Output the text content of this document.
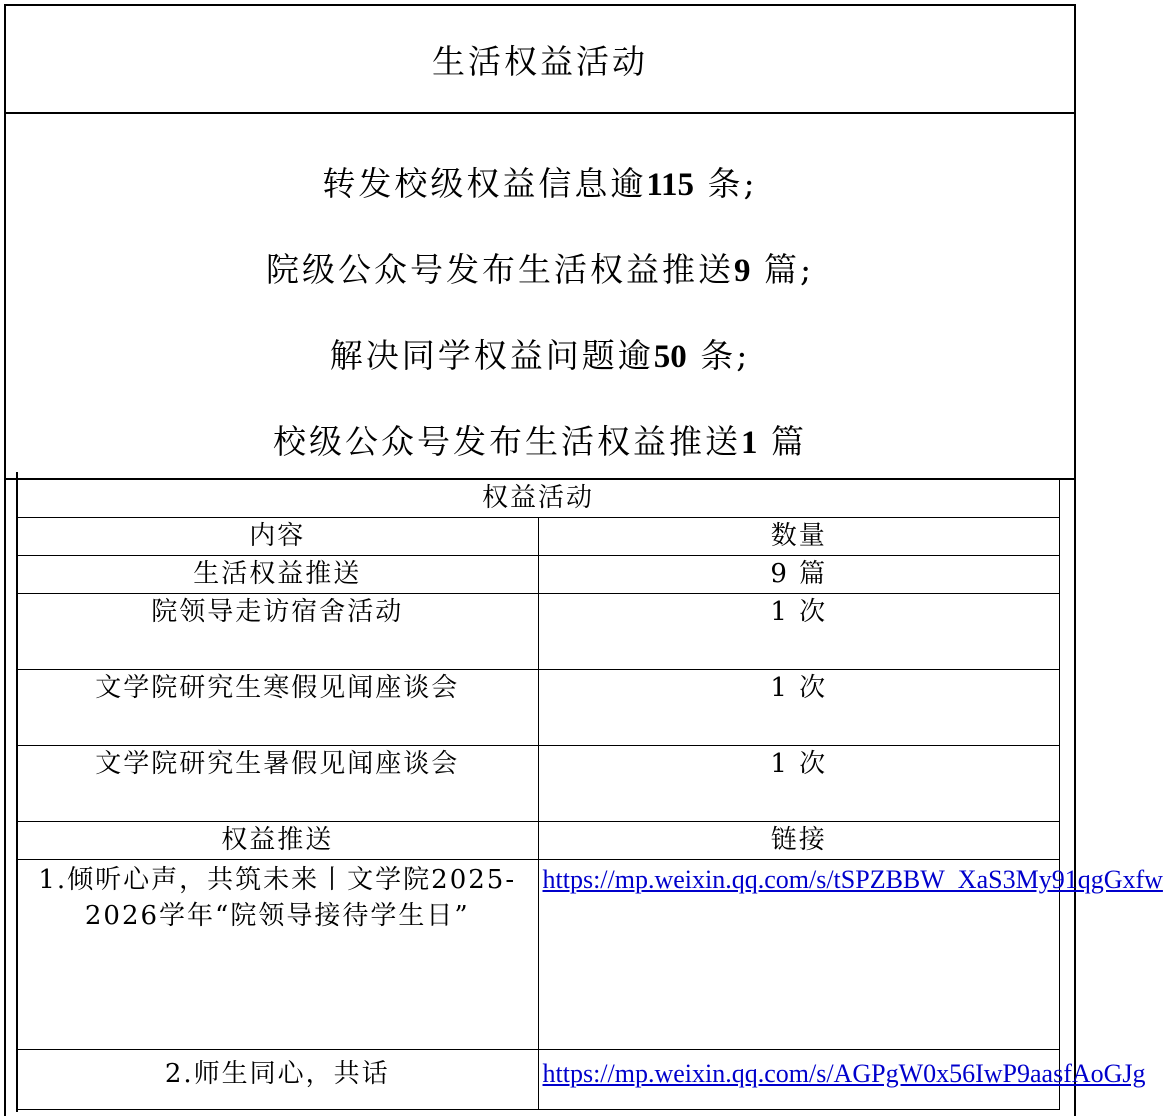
生活权益活动
转发校级权益信息逾115 条;
院级公众号发布生活权益推送9 篇;
解决同学权益问题逾50 条;
校级公众号发布生活权益推送1 篇
权益活动	
内容	数量
生活权益推送	9 篇
院领导走访宿舍活动	1 次
文学院研究生寒假见闻座谈会	1 次
文学院研究生暑假见闻座谈会	1 次
权益推送	链接
1.倾听心声，共筑未来丨文学院2025-2026学年“院领导接待学生日”	https://mp.weixin.qq.com/s/tSPZBBW_XaS3My91qgGxfw
2.师生同心，共话	https://mp.weixin.qq.com/s/AGPgW0x56IwP9aasfAoGJg
